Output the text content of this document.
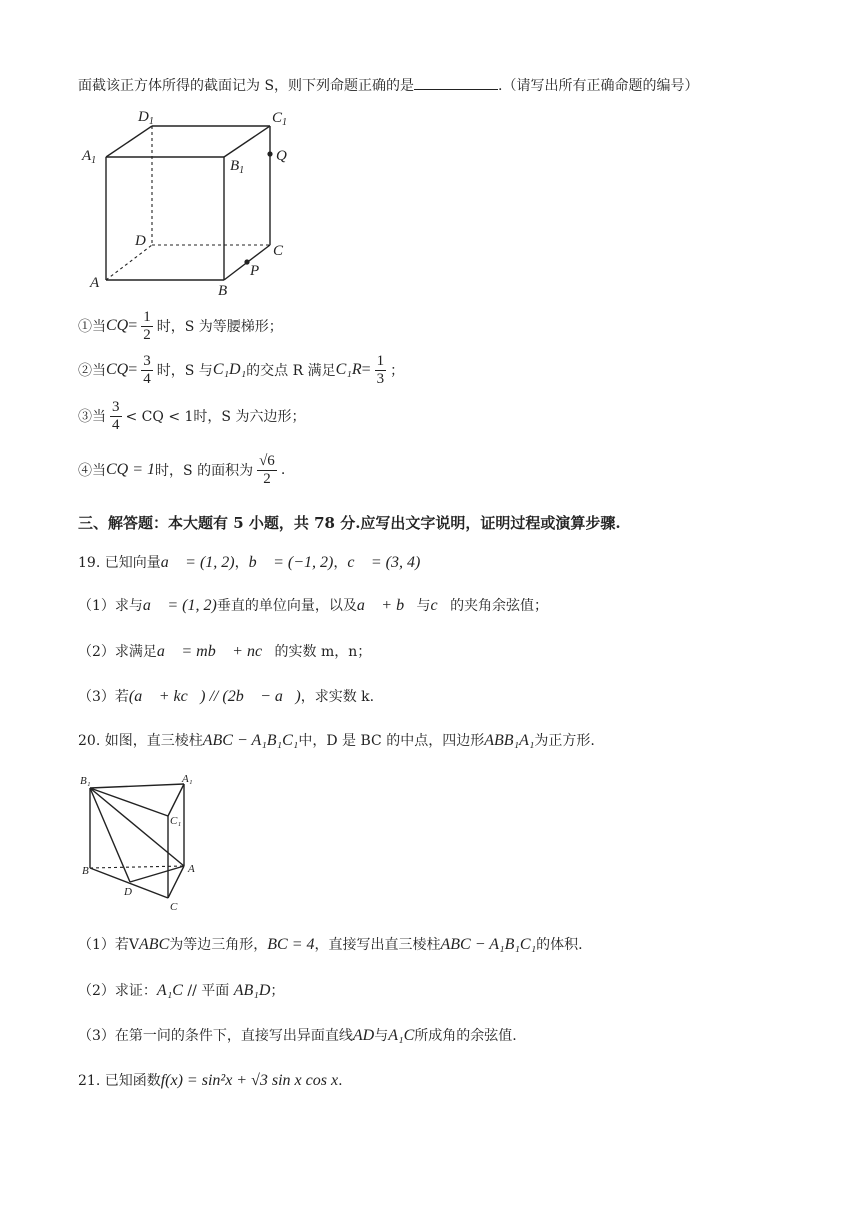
面截该正方体所得的截面记为 S，则下列命题正确的是	.（请写出所有正确命题的编号）
$D_1$	$C_1$
$A_1$	$B_1$
Q
D
C
A	B
P
①当 CQ = $\frac{1}{2}$ 时，S 为等腰梯形；
②当 CQ = $\frac{3}{4}$ 时，S 与 C₁D₁ 的交点 R 满足 $C_1R = \frac{1}{3}$ ；
③当 $\frac{3}{4}$ < CQ < 1时，S 为六边形；
④当 CQ = 1 时，S 的面积为 $\frac{√6}{2}$ .
三、解答题：本大题有 5 小题，共 78 分.应写出文字说明，证明过程或演算步骤.
19. 已知向量a⃗ = (1, 2)，b⃗ = (−1, 2)，c⃗ = (3, 4)
（1）求与a⃗ = (1, 2)垂直的单位向量，以及a⃗ + b⃗与c⃗的夹角余弦值；
（2）求满足a⃗ = mb⃗ + nc⃗的实数 m，n；
（3）若(a⃗ + kc⃗) // (2b⃗ − a⃗)，求实数 k.
20. 如图，直三棱柱ABC − A₁B₁C₁中，D 是 BC 的中点，四边形ABB₁A₁为正方形.
B₁	A₁
C₁
B	A
D
C
（1）若VABC为等边三角形，BC = 4，直接写出直三棱柱ABC − A₁B₁C₁的体积.
（2）求证：A₁C // 平面 AB₁D；
（3）在第一问的条件下，直接写出异面直线AD与A₁C所成角的余弦值.
21. 已知函数f(x) = sin²x + √3 sin x cos x.
